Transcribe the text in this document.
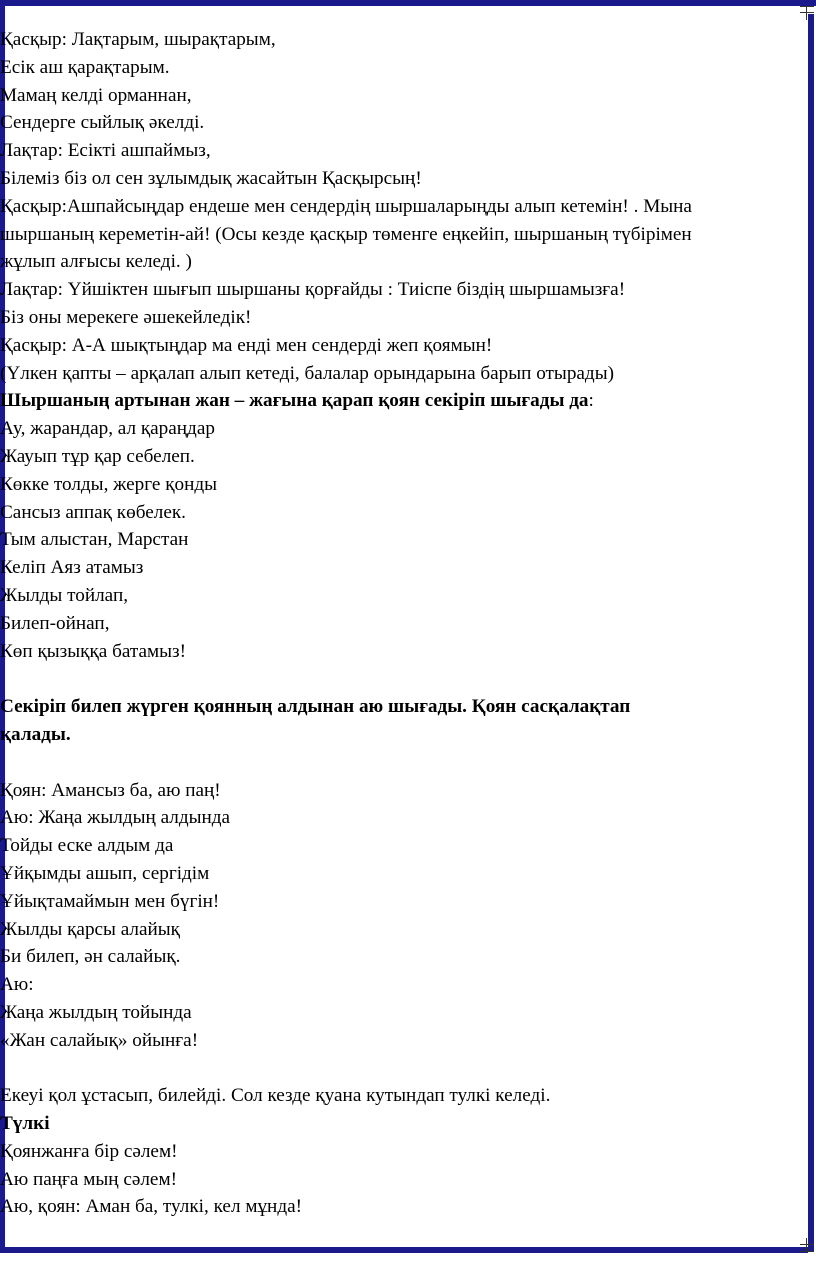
Қасқыр: Лақтарым, шырақтарым,
Есік аш қарақтарым.
Мамаң келді орманнан,
Сендерге сыйлық әкелді.
Лақтар: Есікті ашпаймыз,
Білеміз біз ол сен зұлымдық жасайтын Қасқырсың!
Қасқыр:Ашпайсыңдар ендеше мен сендердің шыршаларыңды алып кетемін! . Мына
шыршаның кереметін-ай! (Осы кезде қасқыр төменге еңкейіп, шыршаның түбірімен
жұлып алғысы келеді. )
Лақтар: Үйшіктен шығып шыршаны қорғайды : Тиіспе біздің шыршамызға!
Біз оны мерекеге әшекейледік!
Қасқыр: А-А шықтыңдар ма енді мен сендерді жеп қоямын!
(Үлкен қапты – арқалап алып кетеді, балалар орындарына барып отырады)
Шыршаның артынан жан – жағына қарап қоян секіріп шығады да:
Ау, жарандар, ал қараңдар
Жауып тұр қар себелеп.
Көкке толды, жерге қонды
Сансыз аппақ көбелек.
Тым алыстан, Марстан
Келіп Аяз атамыз
Жылды тойлап,
Билеп-ойнап,
Көп қызыққа батамыз!
Секіріп билеп жүрген қоянның алдынан аю шығады. Қоян сасқалақтап
қалады.
Қоян: Амансыз ба, аю паң!
Аю: Жаңа жылдың алдында
Тойды еске алдым да
Ұйқымды ашып, сергідім
Ұйықтамаймын мен бүгін!
Жылды қарсы алайық
Би билеп, ән салайық.
Аю:
Жаңа жылдың тойында
«Жан салайық» ойынға!
Екеуі қол ұстасып, билейді. Сол кезде қуана кутындап тулкі келеді.
Түлкі
Қоянжанға бір сәлем!
Аю паңға мың сәлем!
Аю, қоян: Аман ба, тулкі, кел мұнда!
